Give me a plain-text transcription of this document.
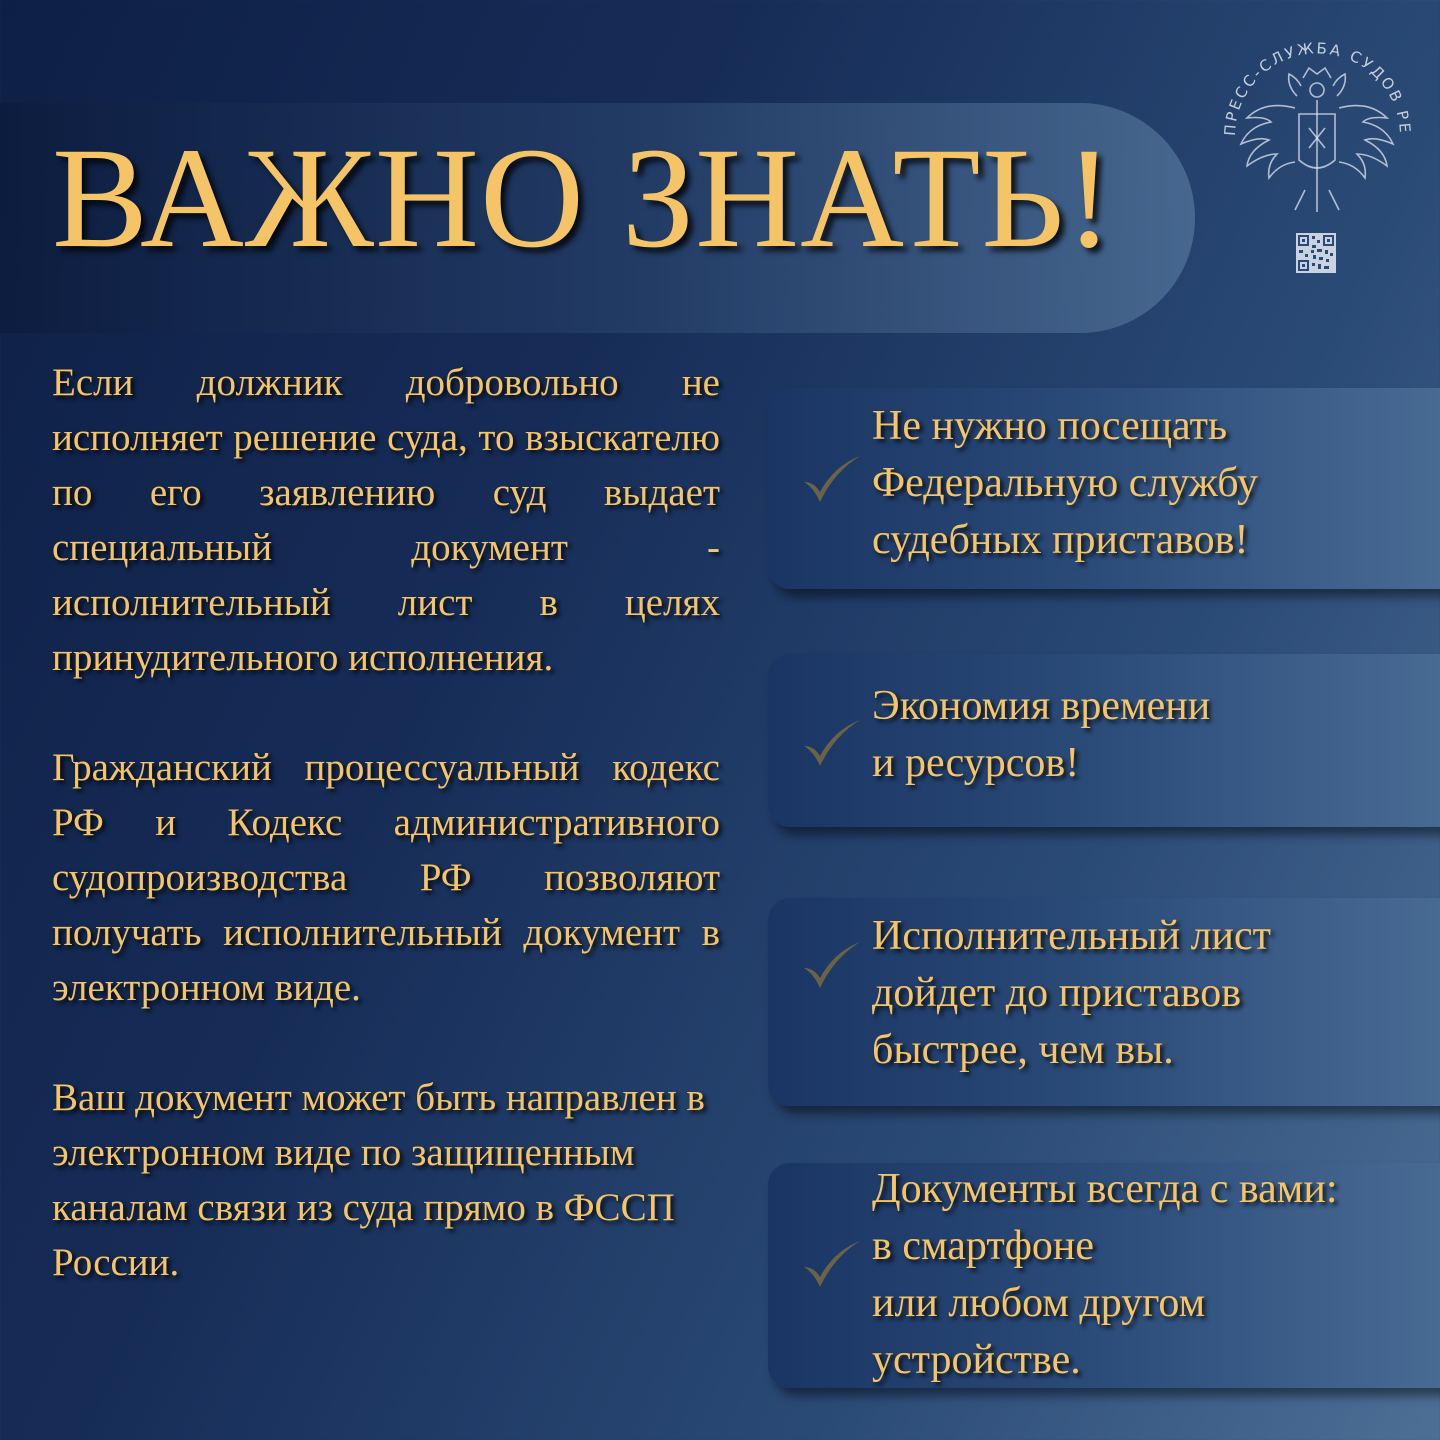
ВАЖНО ЗНАТЬ!	ПРЕСС-СЛУЖБА СУДОВ РЕ

Если должник добровольно не исполняет решение суда, то взыскателю по его заявлению суд выдает специальный документ - исполнительный лист в целях принудительного исполнения.

Гражданский процессуальный кодекс РФ и Кодекс административного судопроизводства РФ позволяют получать исполнительный документ в электронном виде.

Ваш документ может быть направлен в электронном виде по защищенным каналам связи из суда прямо в ФССП России.

Не нужно посещать
Федеральную службу
судебных приставов!
Экономия времени
и ресурсов!
Исполнительный лист
дойдет до приставов
быстрее, чем вы.
Документы всегда с вами:
в смартфоне
или любом другом
устройстве.
